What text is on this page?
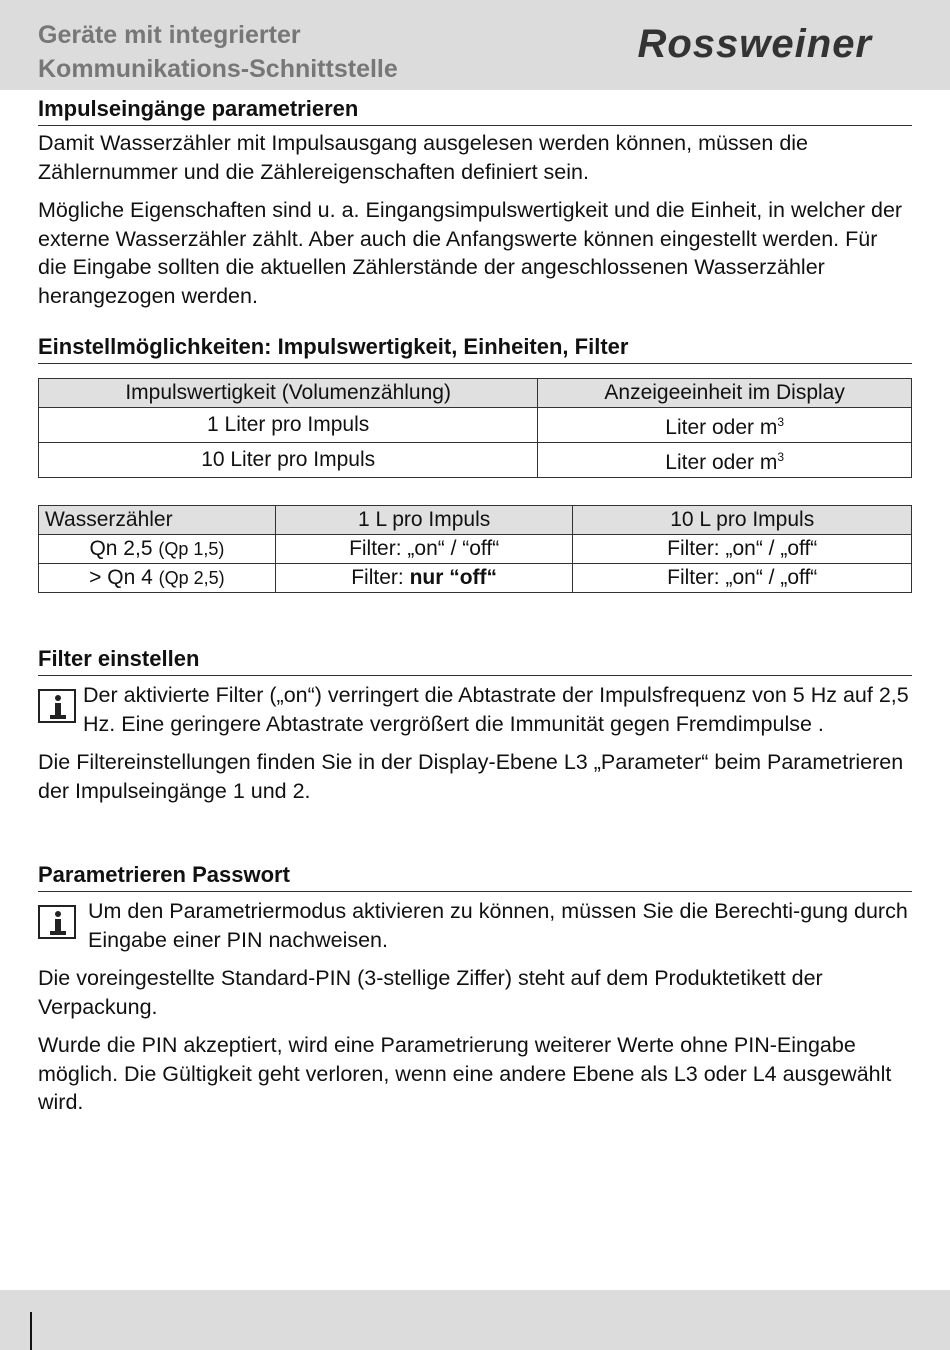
Geräte mit integrierter
Kommunikations-Schnittstelle
Rossweiner
Impulseingänge parametrieren

Damit Wasserzähler mit Impulsausgang ausgelesen werden können, müssen die Zählernummer und die Zählereigenschaften definiert sein.

Mögliche Eigenschaften sind u. a. Eingangsimpulswertigkeit und die Einheit, in welcher der externe Wasserzähler zählt. Aber auch die Anfangswerte können eingestellt werden. Für die Eingabe sollten die aktuellen Zählerstände der angeschlossenen Wasserzähler herangezogen werden.

Einstellmöglichkeiten: Impulswertigkeit, Einheiten, Filter
Impulswertigkeit (Volumenzählung)	Anzeigeeinheit im Display
1 Liter pro Impuls	Liter oder $m^3$
10 Liter pro Impuls	Liter oder $m^3$
Wasserzähler	1 L pro Impuls	10 L pro Impuls
Qn 2,5 (Qp 1,5)	Filter: „on“ / “off“	Filter: „on“ / „off“
> Qn 4 (Qp 2,5)	Filter: nur “off“	Filter: „on“ / „off“
Filter einstellen

Der aktivierte Filter („on“) verringert die Abtastrate der Impulsfrequenz von 5 Hz auf 2,5 Hz. Eine geringere Abtastrate vergrößert die Immunität gegen Fremdimpulse .

Die Filtereinstellungen finden Sie in der Display-Ebene L3 „Parameter“ beim Parametrieren der Impulseingänge 1 und 2.

Parametrieren Passwort

Um den Parametriermodus aktivieren zu können, müssen Sie die Berechti-gung durch Eingabe einer PIN nachweisen.

Die voreingestellte Standard-PIN (3-stellige Ziffer) steht auf dem Produktetikett der Verpackung.

Wurde die PIN akzeptiert, wird eine Parametrierung weiterer Werte ohne PIN-Eingabe möglich. Die Gültigkeit geht verloren, wenn eine andere Ebene als L3 oder L4 ausgewählt wird.
